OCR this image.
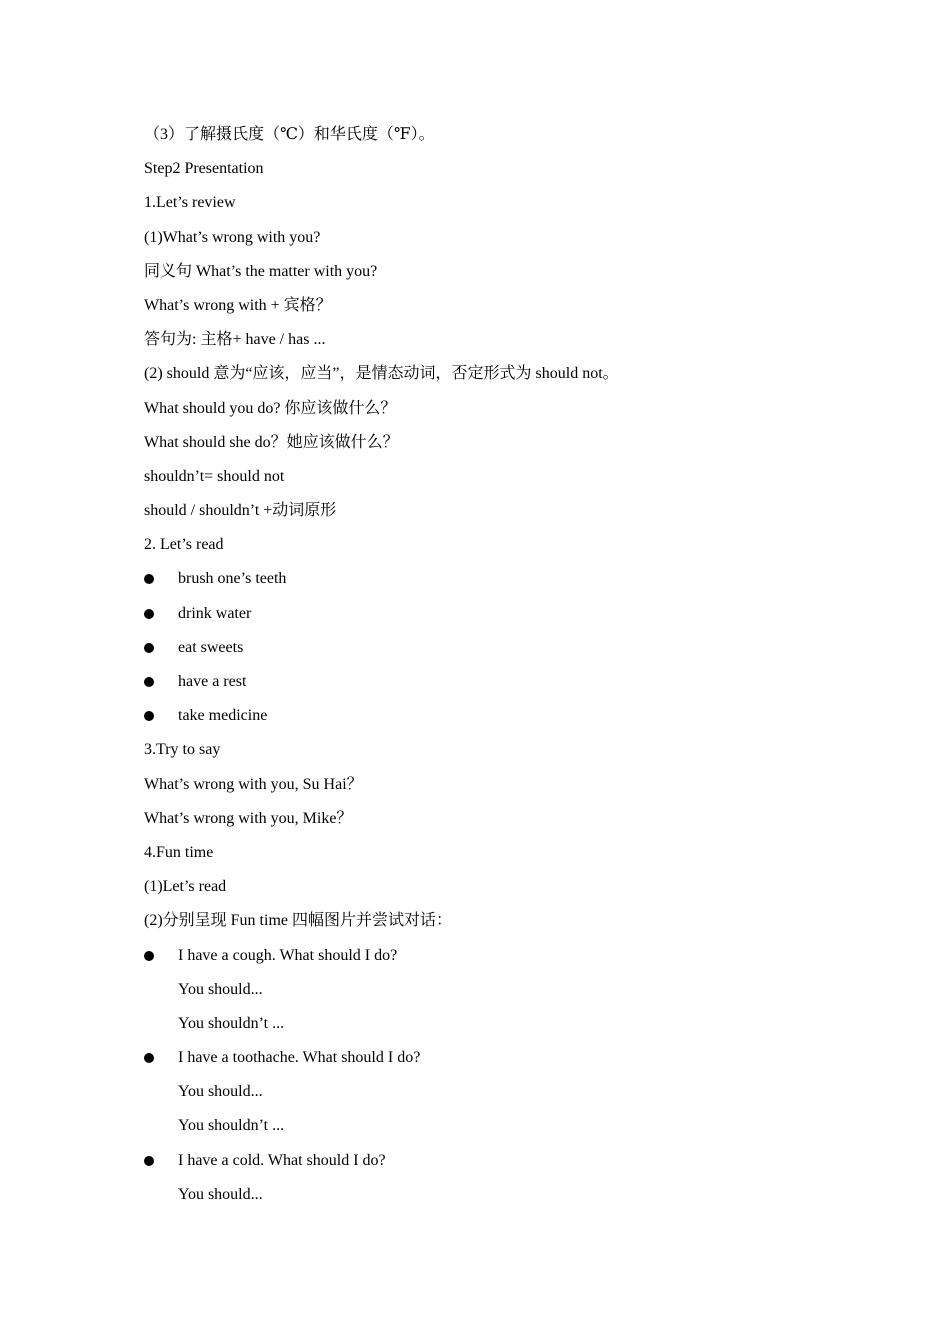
（3）了解摄氏度（℃）和华氏度（℉）。
Step2 Presentation
1.Let’s review
(1)What’s wrong with you?
同义句 What’s the matter with you?
What’s wrong with + 宾格？
答句为: 主格+ have / has ...
(2) should 意为“应该，应当”，是情态动词，否定形式为 should not。
What should you do? 你应该做什么？
What should she do？她应该做什么？
shouldn’t= should not
should / shouldn’t +动词原形
2. Let’s read
brush one’s teeth
drink water
eat sweets
have a rest
take medicine
3.Try to say
What’s wrong with you, Su Hai？
What’s wrong with you, Mike？
4.Fun time
(1)Let’s read
(2)分别呈现 Fun time 四幅图片并尝试对话：
I have a cough. What should I do?
You should...
You shouldn’t ...
I have a toothache. What should I do?
You should...
You shouldn’t ...
I have a cold. What should I do?
You should...
